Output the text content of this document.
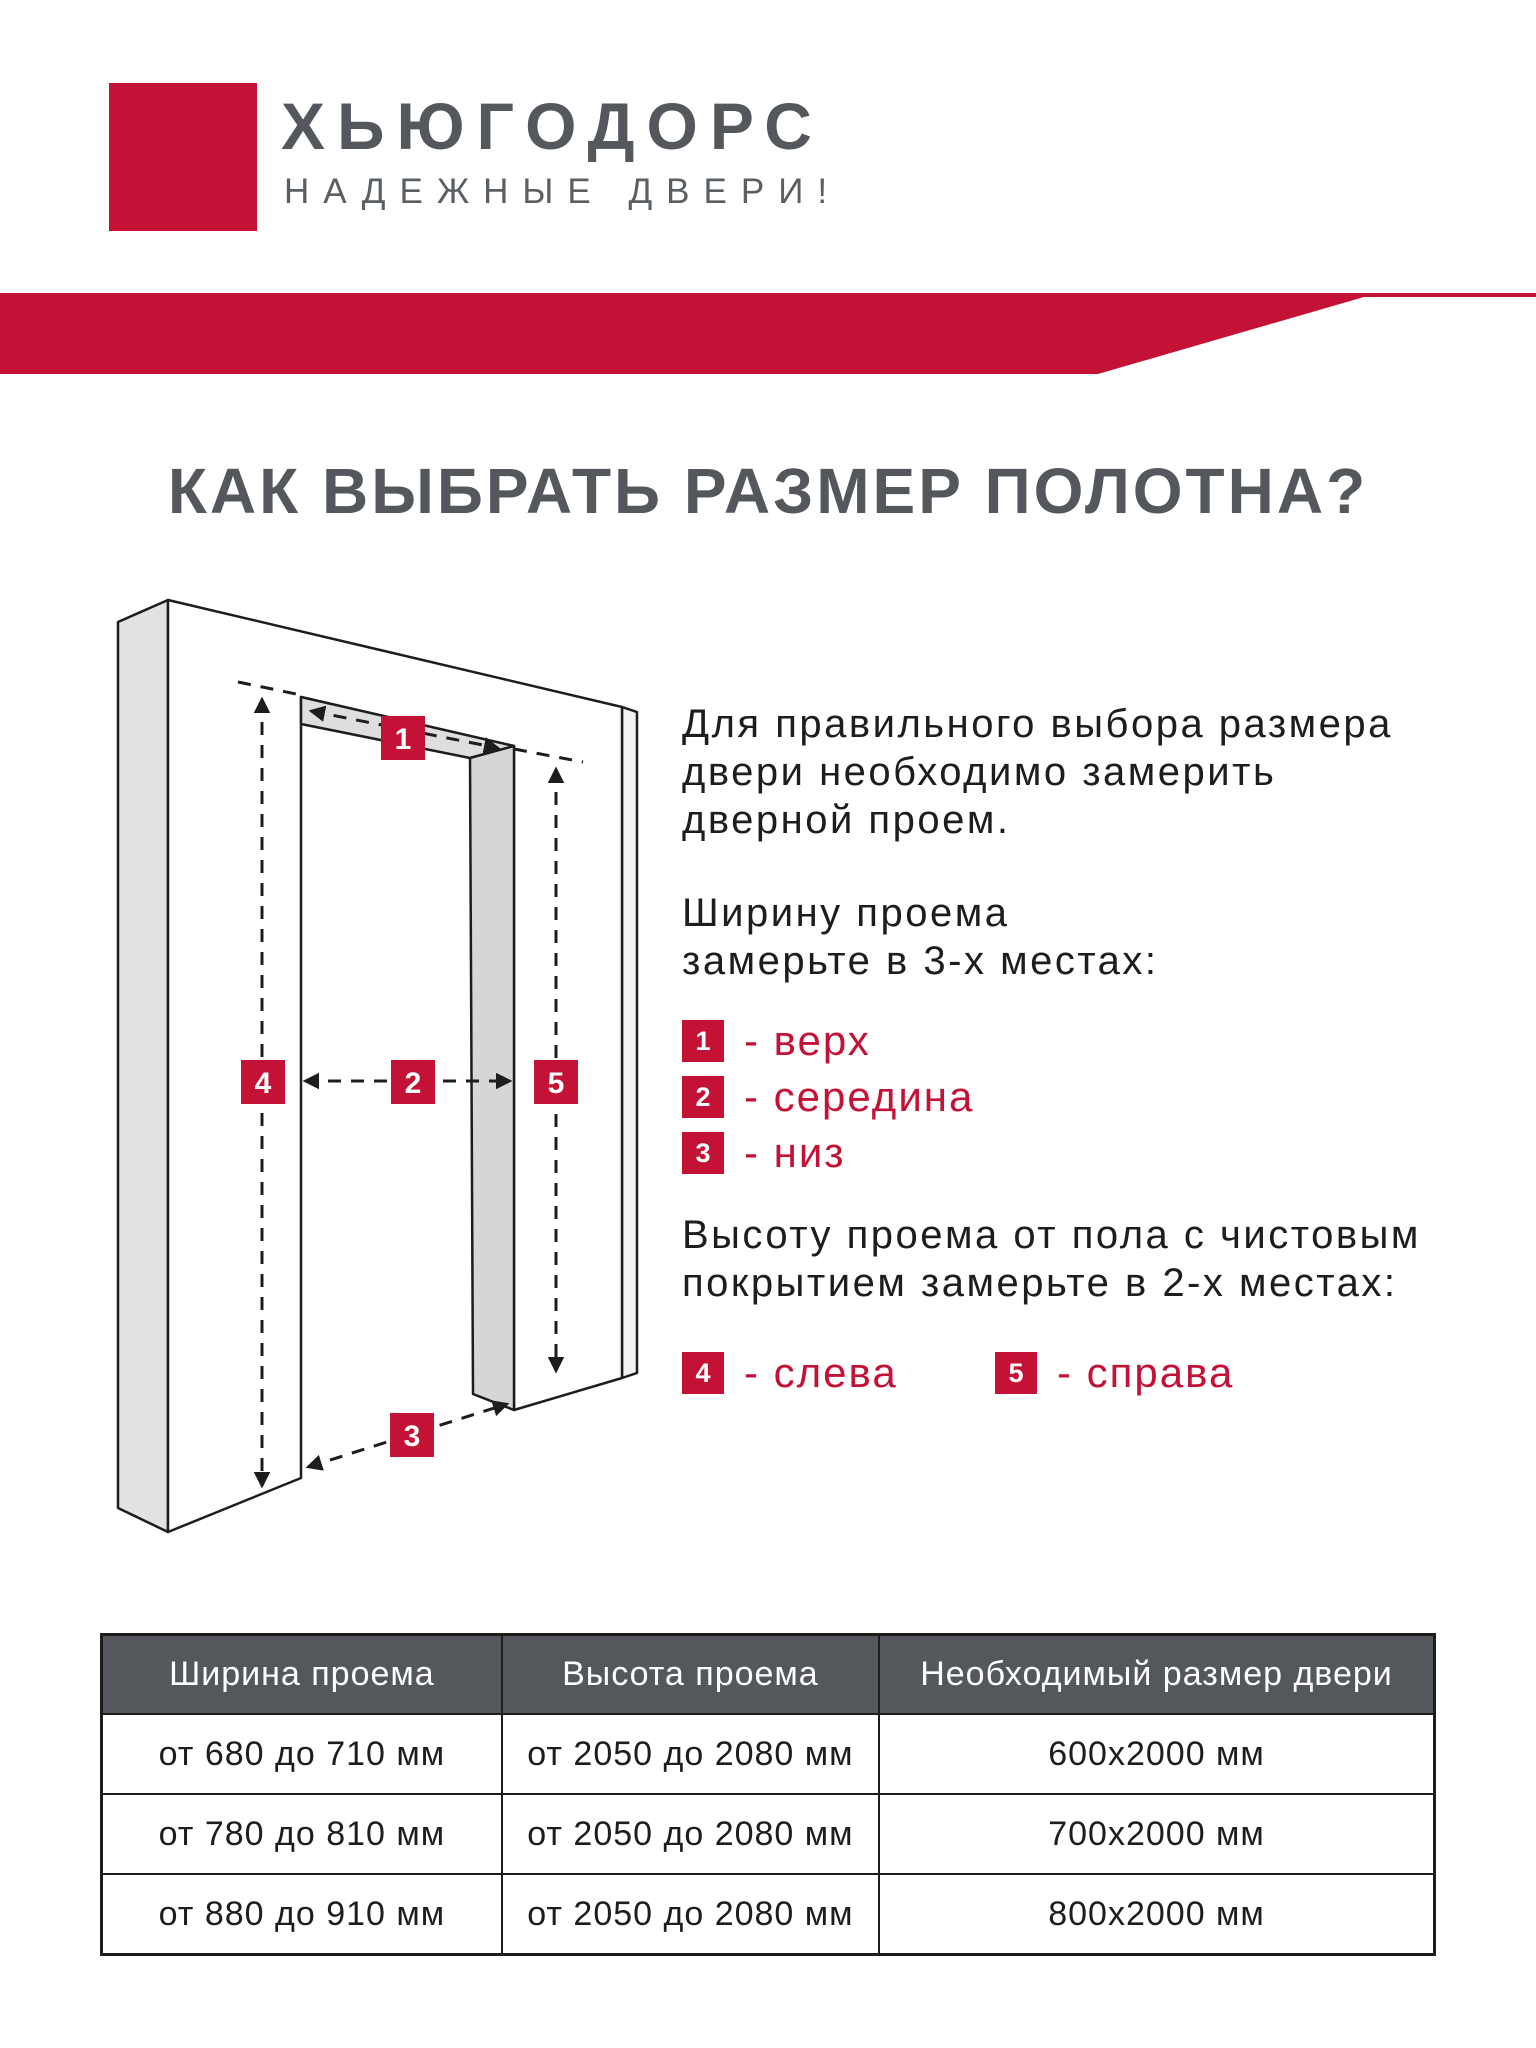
ХЬЮГОДОРС
НАДЕЖНЫЕ ДВЕРИ!
КАК ВЫБРАТЬ РАЗМЕР ПОЛОТНА?
1
2
3
4	5
Для правильного выбора размера
двери необходимо замерить
дверной проем.
Ширину проема
замерьте в 3-х местах:
1 - верх
2 - середина
3 - низ
Высоту проема от пола с чистовым
покрытием замерьте в 2-х местах:
4 - слева	5 - справа
Ширина проема	Высота проема	Необходимый размер двери
от 680 до 710 мм	от 2050 до 2080 мм	600х2000 мм
от 780 до 810 мм	от 2050 до 2080 мм	700х2000 мм
от 880 до 910 мм	от 2050 до 2080 мм	800х2000 мм
